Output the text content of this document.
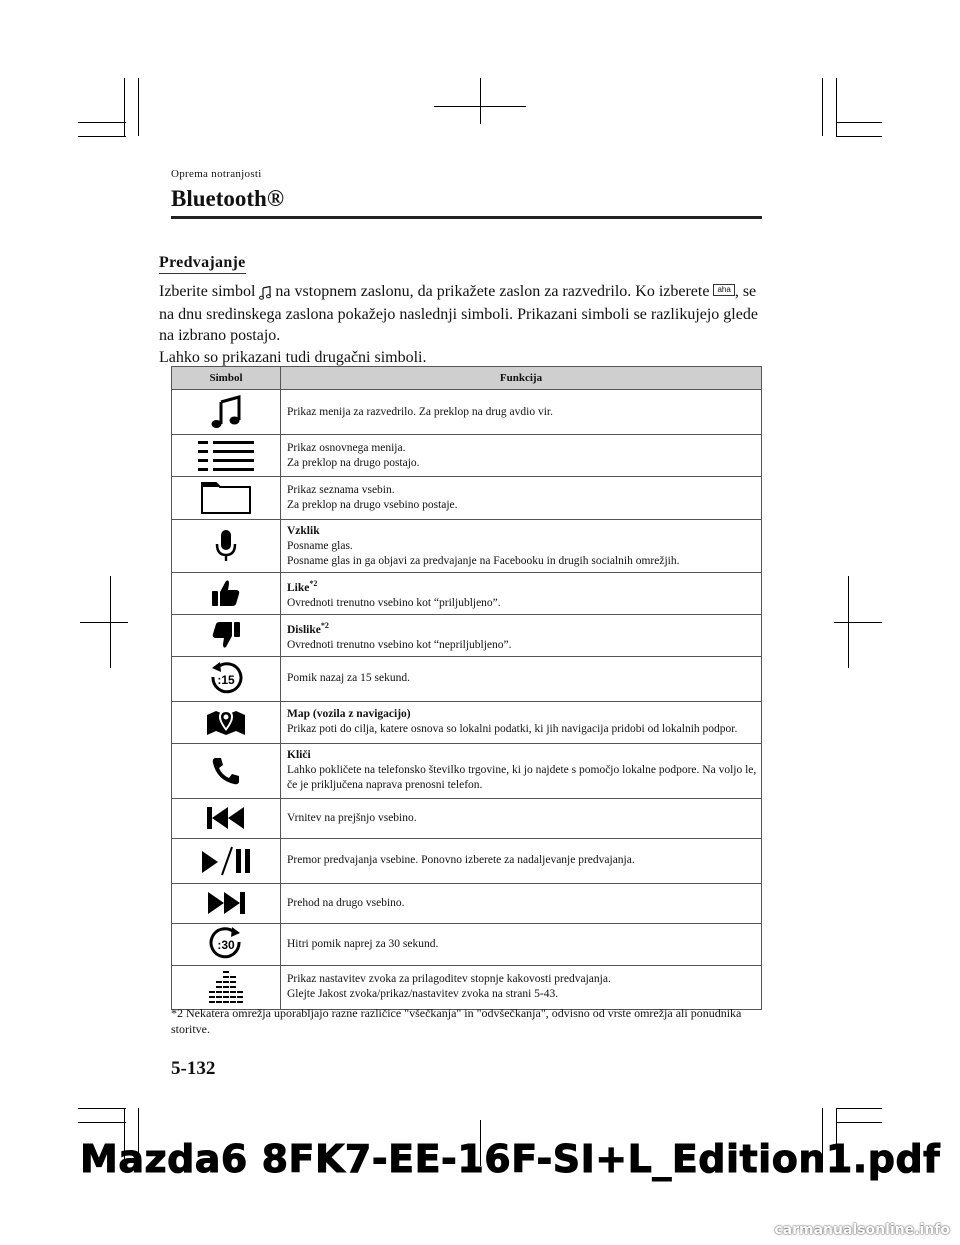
Oprema notranjosti
Bluetooth®
Predvajanje

Izberite simbol na vstopnem zaslonu, da prikažete zaslon za razvedrilo. Ko izberete aha , se na dnu sredinskega zaslona pokažejo naslednji simboli. Prikazani simboli se razlikujejo glede na izbrano postajo.

Lahko so prikazani tudi drugačni simboli.

Simbol	Funkcija

Prikaz menija za razvedrilo. Za preklop na drug avdio vir.

Prikaz osnovnega menija.
Za preklop na drugo postajo.

Prikaz seznama vsebin.
Za preklop na drugo vsebino postaje.

Vzklik
Posname glas.
Posname glas in ga objavi za predvajanje na Facebooku in drugih socialnih omrežjih.

Like$^{*2}$
Ovrednoti trenutno vsebino kot “priljubljeno”.

Dislike$^{*2}$
Ovrednoti trenutno vsebino kot “nepriljubljeno”.

:15	Pomik nazaj za 15 sekund.

Map (vozila z navigacijo)
Prikaz poti do cilja, katere osnova so lokalni podatki, ki jih navigacija pridobi od lokalnih podpor.

Kliči
Lahko pokličete na telefonsko številko trgovine, ki jo najdete s pomočjo lokalne podpore. Na voljo le, če je priključena naprava prenosni telefon.

Vrnitev na prejšnjo vsebino.

Premor predvajanja vsebine. Ponovno izberete za nadaljevanje predvajanja.

Prehod na drugo vsebino.

:30	Hitri pomik naprej za 30 sekund.

Prikaz nastavitev zvoka za prilagoditev stopnje kakovosti predvajanja.
Glejte Jakost zvoka/prikaz/nastavitev zvoka na strani 5-43.
*2 Nekatera omrežja uporabljajo razne različice "všečkanja" in "odvšečkanja", odvisno od vrste omrežja ali ponudnika storitve.
5-132
Mazda6 8FK7-EE-16F-SI+L_Edition1.pdf
carmanualsonline.info
